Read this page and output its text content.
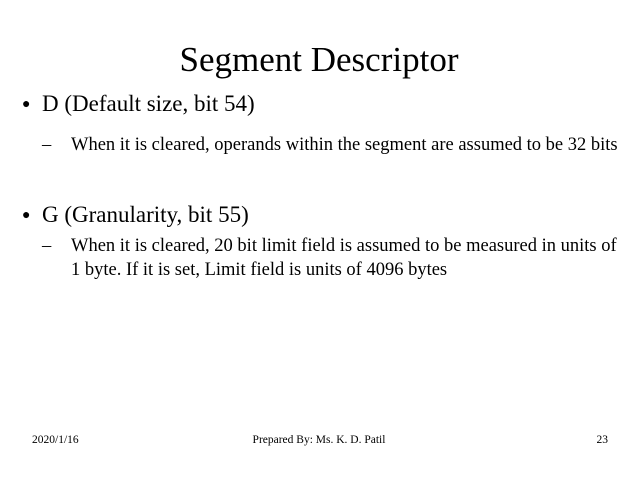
Segment Descriptor
● D (Default size, bit 54)
– When it is cleared, operands within the segment are assumed to be 32 bits
● G (Granularity, bit 55)
– When it is cleared, 20 bit limit field is assumed to be measured in units of 1 byte. If it is set, Limit field is units of 4096 bytes
Prepared By: Ms. K. D. Patil
2020/1/16	23
